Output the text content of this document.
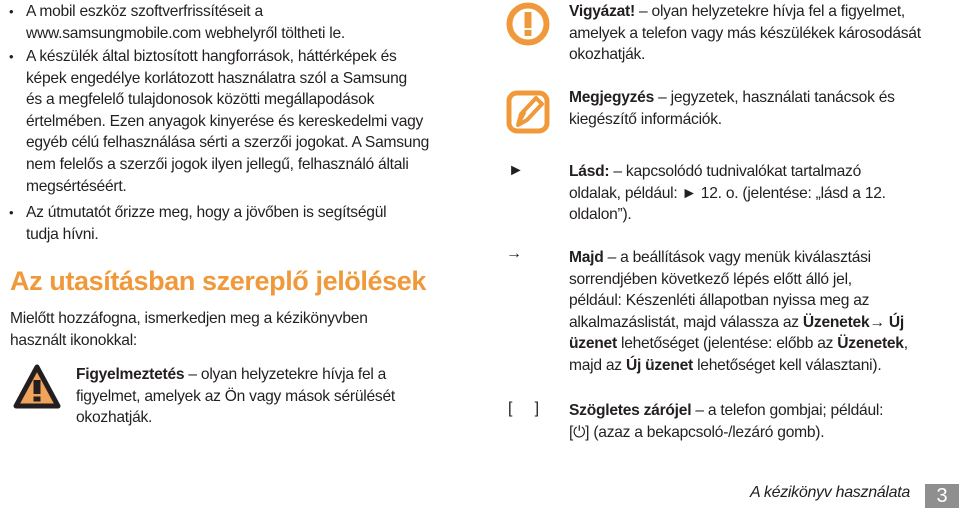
• A mobil eszköz szoftverfrissítéseit a
www.samsungmobile.com webhelyről töltheti le.
• A készülék által biztosított hangforrások, háttérképek és
képek engedélye korlátozott használatra szól a Samsung
és a megfelelő tulajdonosok közötti megállapodások
értelmében. Ezen anyagok kinyerése és kereskedelmi vagy
egyéb célú felhasználása sérti a szerzői jogokat. A Samsung
nem felelős a szerzői jogok ilyen jellegű, felhasználó általi
megsértéséért.
• Az útmutatót őrizze meg, hogy a jövőben is segítségül
tudja hívni.
Az utasításban szereplő jelölések
Mielőtt hozzáfogna, ismerkedjen meg a kézikönyvben
használt ikonokkal:
Figyelmeztetés – olyan helyzetekre hívja fel a
figyelmet, amelyek az Ön vagy mások sérülését
okozhatják.
Vigyázat! – olyan helyzetekre hívja fel a figyelmet,
amelyek a telefon vagy más készülékek károsodását
okozhatják.
Megjegyzés – jegyzetek, használati tanácsok és
kiegészítő információk.
►	Lásd: – kapcsolódó tudnivalókat tartalmazó
oldalak, például: ► 12. o. (jelentése: „lásd a 12.
oldalon”).
→	Majd – a beállítások vagy menük kiválasztási
sorrendjében következő lépés előtt álló jel,
például: Készenléti állapotban nyissa meg az
alkalmazáslistát, majd válassza az Üzenetek→ Új
üzenet lehetőséget (jelentése: előbb az Üzenetek,
majd az Új üzenet lehetőséget kell választani).
[     ] Szögletes zárójel – a telefon gombjai; például:
[⏻] (azaz a bekapcsoló-/lezáró gomb).
A kézikönyv használata	3
